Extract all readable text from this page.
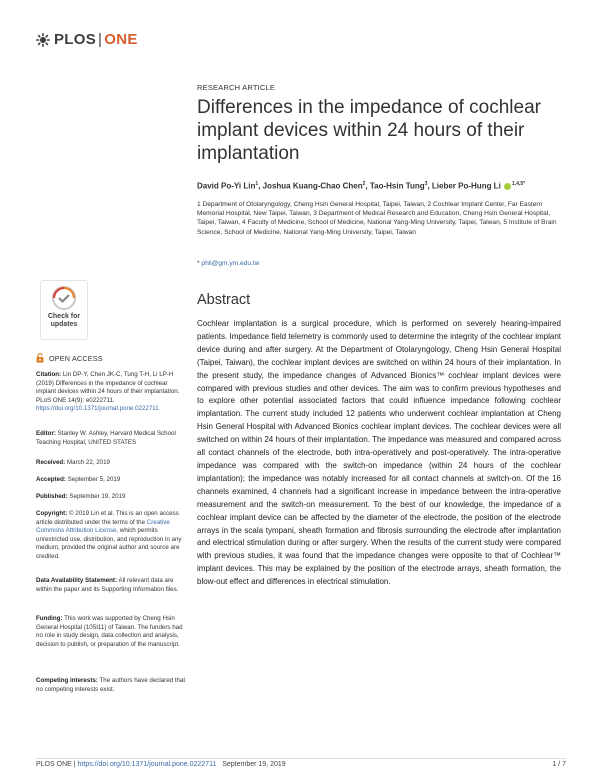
PLOS | ONE
RESEARCH ARTICLE
Differences in the impedance of cochlear implant devices within 24 hours of their implantation
David Po-Yi Lin$^1$, Joshua Kuang-Chao Chen$^2$, Tao-Hsin Tung$^3$, Lieber Po-Hung Li $^{1,4,5*}$
1 Department of Otolaryngology, Cheng Hsin General Hospital, Taipei, Taiwan, 2 Cochlear Implant Center, Far Eastern Memorial Hospital, New Taipei, Taiwan, 3 Department of Medical Research and Education, Cheng Hsin General Hospital, Taipei, Taiwan, 4 Faculty of Medicine, School of Medicine, National Yang-Ming University, Taipei, Taiwan, 5 Institute of Brain Science, School of Medicine, National Yang-Ming University, Taipei, Taiwan
* phli@gm.ym.edu.tw
Check for
updates
Abstract
Cochlear implantation is a surgical procedure, which is performed on severely hearing-impaired patients. Impedance field telemetry is commonly used to determine the integrity of the cochlear implant device during and after surgery. At the Department of Otolaryngology, Cheng Hsin General Hospital (Taipei, Taiwan), the cochlear implant devices are switched on within 24 hours of their implantation. In the present study, the impedance changes of Advanced Bionics™ cochlear implant devices were compared with previous studies and other devices. The aim was to confirm previous hypotheses and to explore other potential associated factors that could influence impedance following cochlear implantation. The current study included 12 patients who underwent cochlear implantation at Cheng Hsin General Hospital with Advanced Bionics cochlear implant devices. The cochlear devices were all switched on within 24 hours of their implantation. The impedance was measured and compared across all contact channels of the electrode, both intra-operatively and post-operatively. The intra-operative impedance was compared with the switch-on impedance (within 24 hours of the cochlear implantation); the impedance was notably increased for all contact channels at switch-on. Of the 16 channels examined, 4 channels had a significant increase in impedance between the intra-operative measurement and the switch-on measurement. To the best of our knowledge, the impedance of a cochlear implant device can be affected by the diameter of the electrode, the position of the electrode arrays in the scala tympani, sheath formation and fibrosis surrounding the electrode after implantation and electrical stimulation during or after surgery. When the results of the current study were compared with previous studies, it was found that the impedance changes were opposite to that of Cochlear™ implant devices. This may be explained by the position of the electrode arrays, sheath formation, the blow-out effect and differences in electrical stimulation.
OPEN ACCESS
Citation: Lin DP-Y, Chen JK-C, Tung T-H, Li LP-H (2019) Differences in the impedance of cochlear implant devices within 24 hours of their implantation. PLoS ONE 14(9): e0222711. https://doi.org/10.1371/journal.pone.0222711
Editor: Stanley W. Ashley, Harvard Medical School Teaching Hospital, UNITED STATES
Received: March 22, 2019
Accepted: September 5, 2019
Published: September 19, 2019
Copyright: © 2019 Lin et al. This is an open access article distributed under the terms of the Creative Commons Attribution License, which permits unrestricted use, distribution, and reproduction in any medium, provided the original author and source are credited.
Data Availability Statement: All relevant data are within the paper and its Supporting Information files.
Funding: This work was supported by Cheng Hsin General Hospital (105I11) of Taiwan. The funders had no role in study design, data collection and analysis, decision to publish, or preparation of the manuscript.
Competing interests: The authors have declared that no competing interests exist.
PLOS ONE | https://doi.org/10.1371/journal.pone.0222711 September 19, 2019	1 / 7
